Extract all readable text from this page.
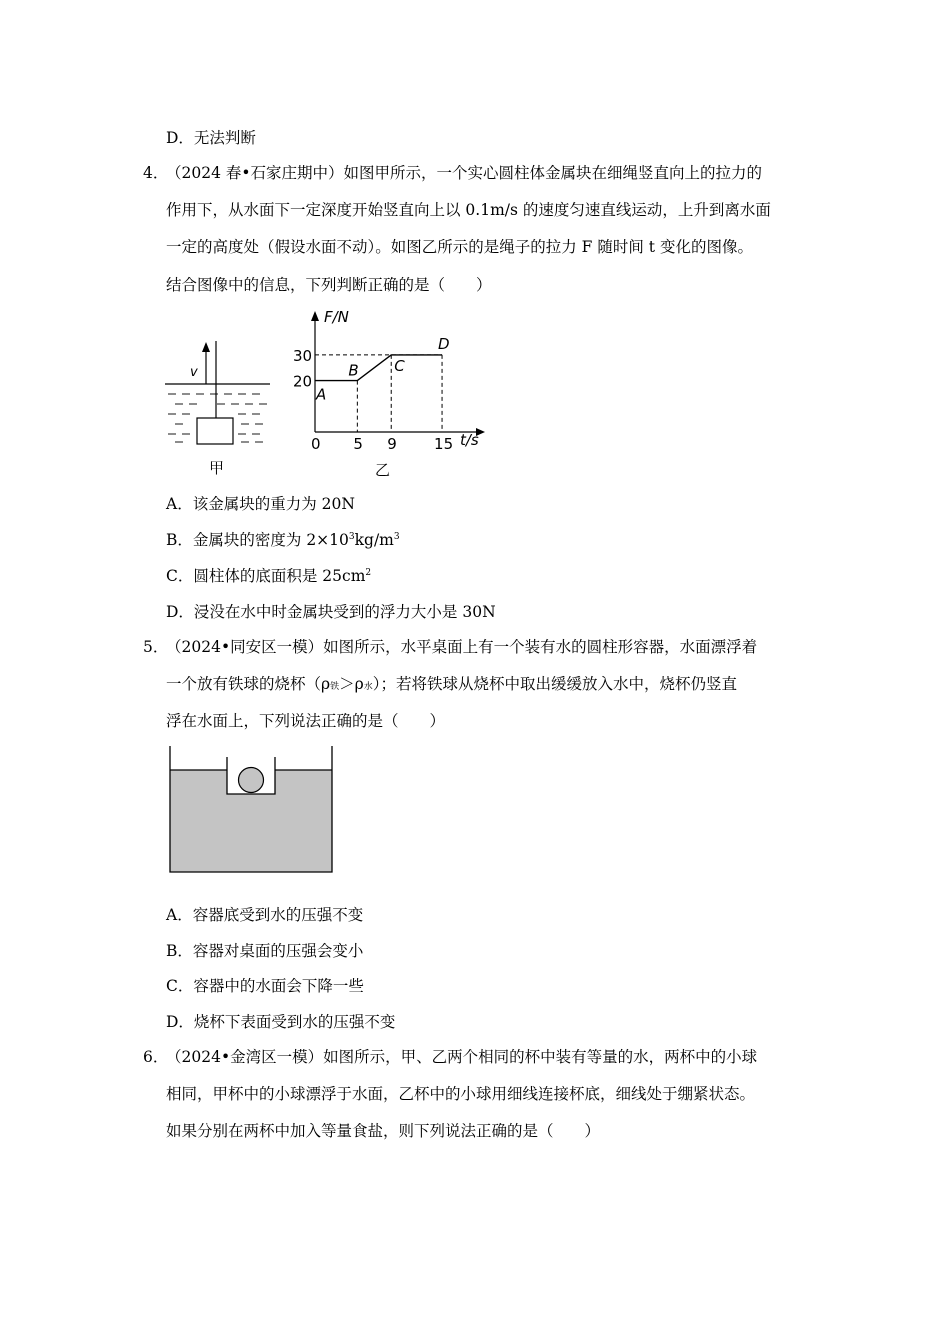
D．无法判断
4．
（2024 春•石家庄期中）如图甲所示，一个实心圆柱体金属块在细绳竖直向上的拉力的
作用下，从水面下一定深度开始竖直向上以 0.1m/s 的速度匀速直线运动，上升到离水面
一定的高度处（假设水面不动）。如图乙所示的是绳子的拉力 F 随时间 t 变化的图像。
结合图像中的信息，下列判断正确的是（　　）
v
甲
F/N
t/s
0 5 9 15
20
30
A
B C
D
乙
A．该金属块的重力为 20N
B．金属块的密度为 $2\times 10^3kg/m^3$
C．圆柱体的底面积是 $25cm^2$
D．浸没在水中时金属块受到的浮力大小是 30N
5．
（2024•同安区一模）如图所示，水平桌面上有一个装有水的圆柱形容器，水面漂浮着
一个放有铁球的烧杯（ρ铁＞ρ水）；若将铁球从烧杯中取出缓缓放入水中，烧杯仍竖直
浮在水面上，下列说法正确的是（　　）
A．容器底受到水的压强不变
B．容器对桌面的压强会变小
C．容器中的水面会下降一些
D．烧杯下表面受到水的压强不变
6．
（2024•金湾区一模）如图所示，甲、乙两个相同的杯中装有等量的水，两杯中的小球
相同，甲杯中的小球漂浮于水面，乙杯中的小球用细线连接杯底，细线处于绷紧状态。
如果分别在两杯中加入等量食盐，则下列说法正确的是（　　）
